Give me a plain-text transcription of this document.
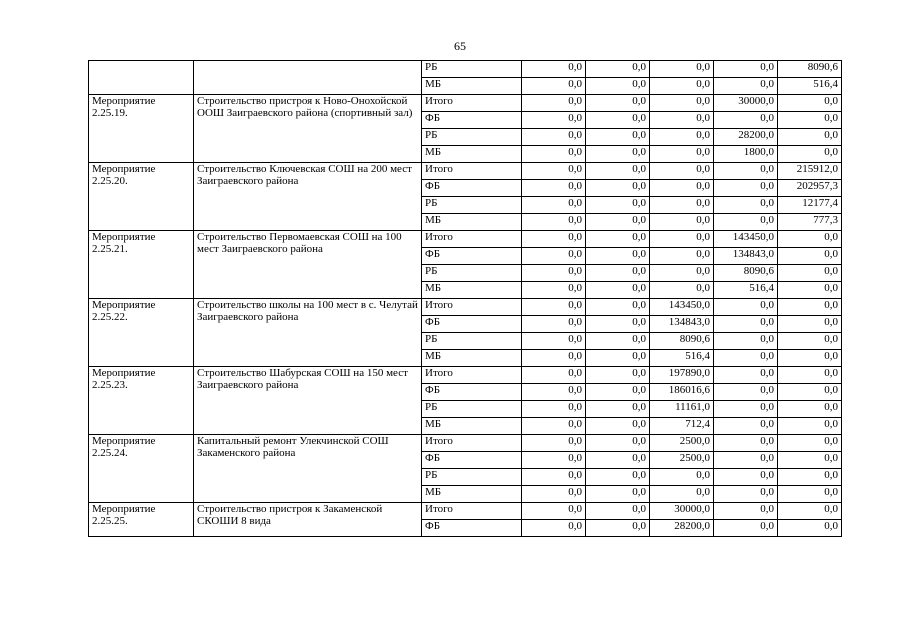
65
		РБ	0,0	0,0	0,0	0,0	8090,6
		МБ	0,0	0,0	0,0	0,0	516,4
Мероприятие 2.25.19.	Строительство пристроя к Ново-Онохойской ООШ Заиграевского района (спортивный зал)	Итого	0,0	0,0	0,0	30000,0	0,0
		ФБ	0,0	0,0	0,0	0,0	0,0
		РБ	0,0	0,0	0,0	28200,0	0,0
		МБ	0,0	0,0	0,0	1800,0	0,0
Мероприятие 2.25.20.	Строительство Ключевская СОШ на 200 мест Заиграевского района	Итого	0,0	0,0	0,0	0,0	215912,0
		ФБ	0,0	0,0	0,0	0,0	202957,3
		РБ	0,0	0,0	0,0	0,0	12177,4
		МБ	0,0	0,0	0,0	0,0	777,3
Мероприятие 2.25.21.	Строительство Первомаевская СОШ на 100 мест Заиграевского района	Итого	0,0	0,0	0,0	143450,0	0,0
		ФБ	0,0	0,0	0,0	134843,0	0,0
		РБ	0,0	0,0	0,0	8090,6	0,0
		МБ	0,0	0,0	0,0	516,4	0,0
Мероприятие 2.25.22.	Строительство школы на 100 мест в с. Челутай Заиграевского района	Итого	0,0	0,0	143450,0	0,0	0,0
		ФБ	0,0	0,0	134843,0	0,0	0,0
		РБ	0,0	0,0	8090,6	0,0	0,0
		МБ	0,0	0,0	516,4	0,0	0,0
Мероприятие 2.25.23.	Строительство Шабурская СОШ на 150 мест Заиграевского района	Итого	0,0	0,0	197890,0	0,0	0,0
		ФБ	0,0	0,0	186016,6	0,0	0,0
		РБ	0,0	0,0	11161,0	0,0	0,0
		МБ	0,0	0,0	712,4	0,0	0,0
Мероприятие 2.25.24.	Капитальный ремонт Улекчинской СОШ Закаменского района	Итого	0,0	0,0	2500,0	0,0	0,0
		ФБ	0,0	0,0	2500,0	0,0	0,0
		РБ	0,0	0,0	0,0	0,0	0,0
		МБ	0,0	0,0	0,0	0,0	0,0
Мероприятие 2.25.25.	Строительство пристроя к Закаменской СКОШИ 8 вида	Итого	0,0	0,0	30000,0	0,0	0,0
		ФБ	0,0	0,0	28200,0	0,0	0,0
